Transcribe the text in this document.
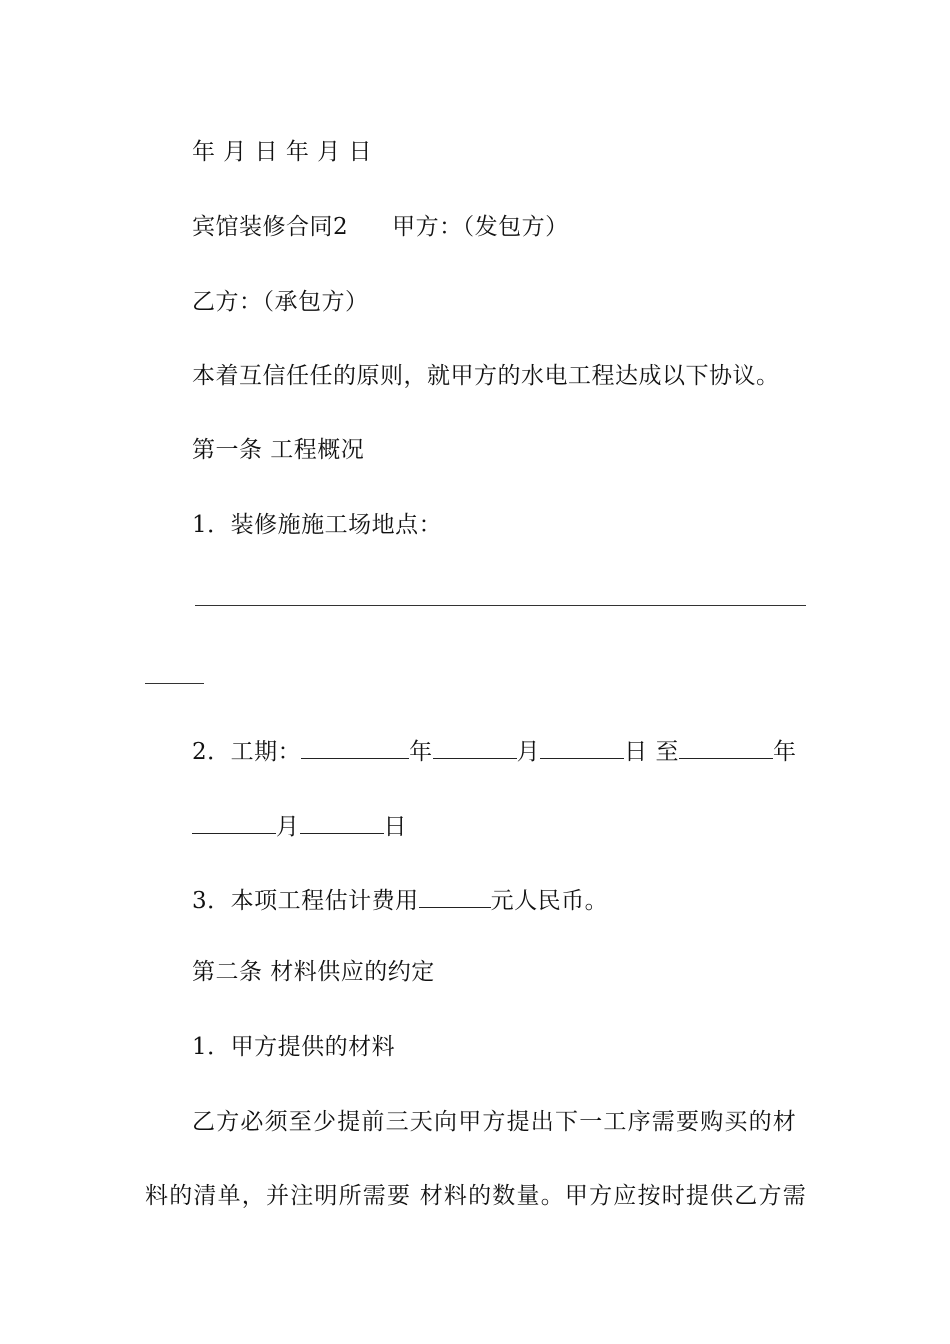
年 月 日 年 月 日
宾馆装修合同2 甲方：（发包方）
乙方：（承包方）
本着互信任任的原则，就甲方的水电工程达成以下协议。
第一条 工程概况
1．装修施施工场地点：
2．工期：	年	月	日 至	年
月	日
3．本项工程估计费用	元人民币。
第二条 材料供应的约定
1．甲方提供的材料
乙方必须至少提前三天向甲方提出下一工序需要购买的材
料的清单，并注明所需要 材料的数量。甲方应按时提供乙方需
